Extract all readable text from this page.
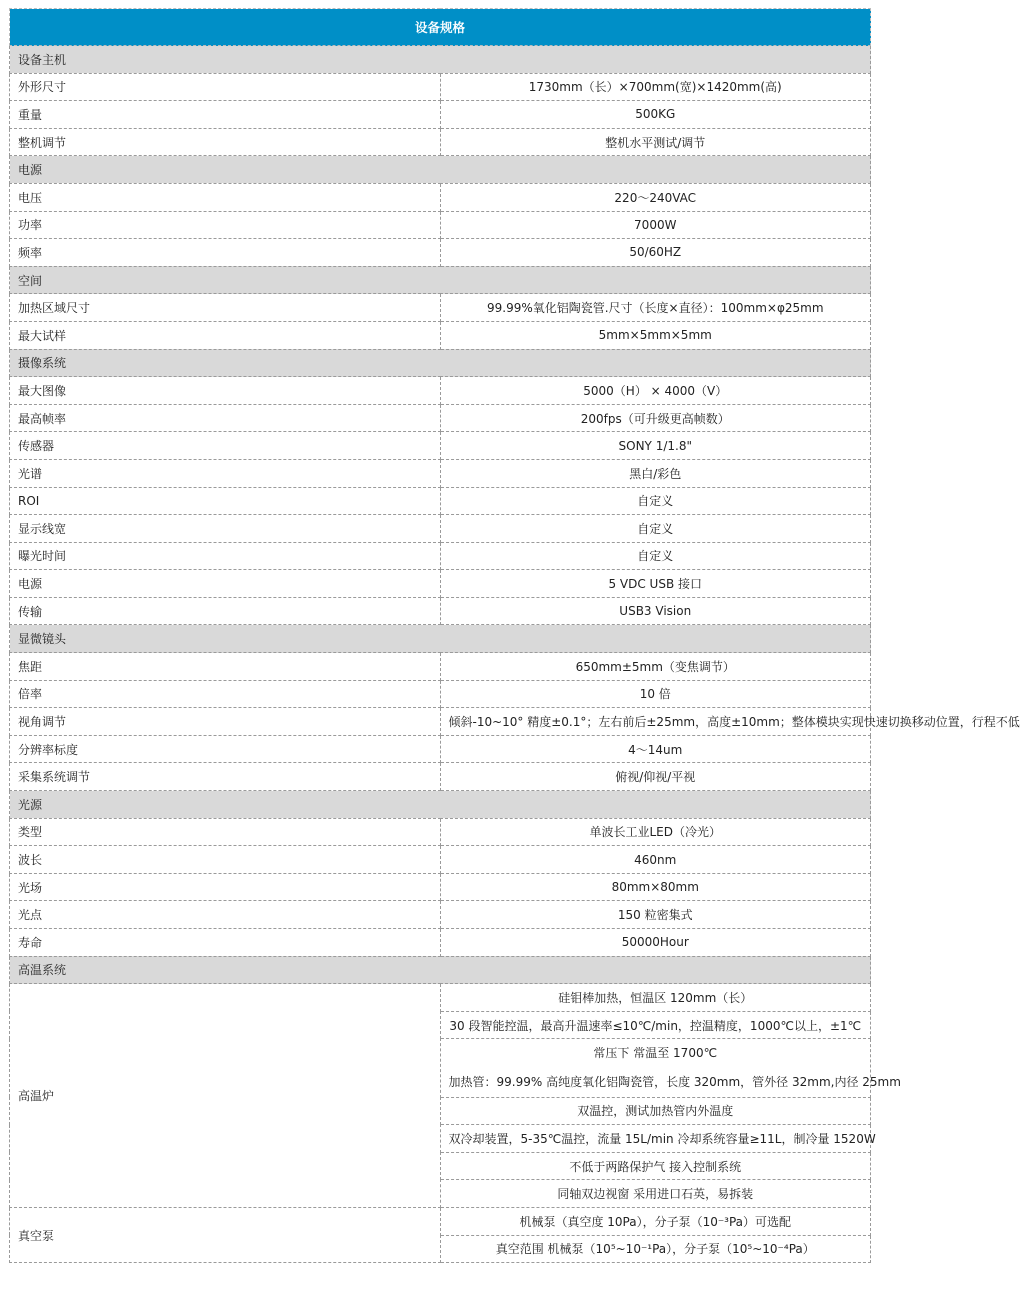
设备规格	
设备主机	
外形尺寸	1730mm（长）×700mm(宽)×1420mm(高)
重量	500KG
整机调节	整机水平测试/调节
电源	
电压	220～240VAC
功率	7000W
频率	50/60HZ
空间	
加热区域尺寸	99.99%氧化铝陶瓷管.尺寸（长度×直径）：100mm×φ25mm
最大试样	5mm×5mm×5mm
摄像系统	
最大图像	5000（H） × 4000（V）
最高帧率	200fps（可升级更高帧数）
传感器	SONY 1/1.8"
光谱	黑白/彩色
ROI	自定义
显示线宽	自定义
曝光时间	自定义
电源	5 VDC USB 接口
传输	USB3 Vision
显微镜头	
焦距	650mm±5mm（变焦调节）
倍率	10 倍
视角调节	倾斜-10~10° 精度±0.1°；左右前后±25mm，高度±10mm；整体模块实现快速切换移动位置，行程不低
分辨率标度	4～14um
采集系统调节	俯视/仰视/平视
光源	
类型	单波长工业LED（冷光）
波长	460nm
光场	80mm×80mm
光点	150 粒密集式
寿命	50000Hour
高温系统	
高温炉	硅钼棒加热，恒温区 120mm（长）

	30 段智能控温，最高升温速率≤10℃/min，控温精度，1000℃以上，±1℃

	常压下 常温至 1700℃
加热管：99.99% 高纯度氧化铝陶瓷管，长度 320mm，管外径 32mm,内径 25mm

	双温控，测试加热管内外温度

	双冷却装置，5-35℃温控，流量 15L/min 冷却系统容量≥11L，制冷量 1520W

	不低于两路保护气 接入控制系统

	同轴双边视窗 采用进口石英，易拆装

真空泵	机械泵（真空度 10Pa），分子泵（10⁻³Pa）可选配
	真空范围 机械泵（10⁵~10⁻¹Pa），分子泵（10⁵~10⁻⁴Pa）
